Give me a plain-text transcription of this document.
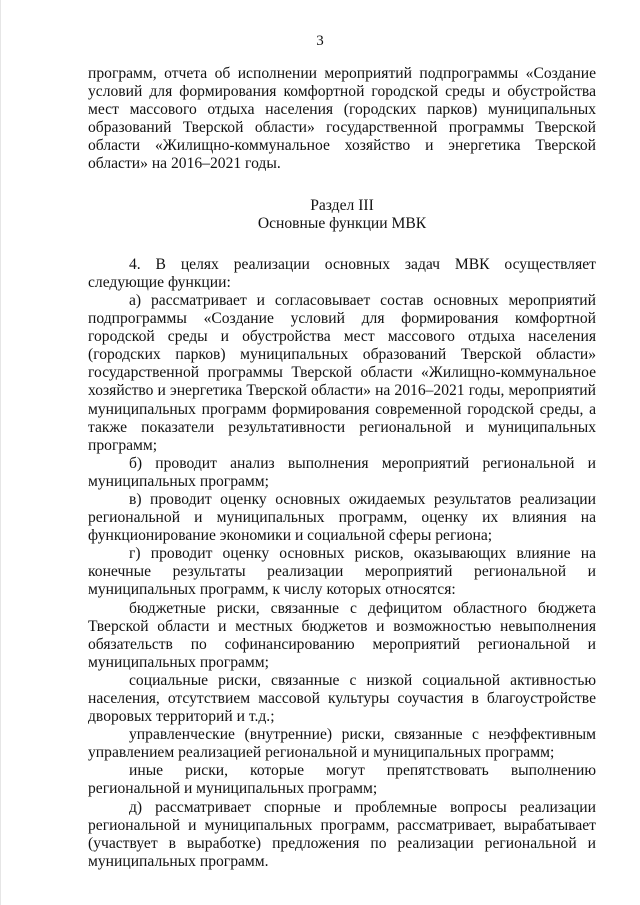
3

программ, отчета об исполнении мероприятий подпрограммы «Создание условий для формирования комфортной городской среды и обустройства мест массового отдыха населения (городских парков) муниципальных образований Тверской области» государственной программы Тверской области «Жилищно-коммунальное хозяйство и энергетика Тверской области» на 2016–2021 годы.

Раздел III
Основные функции МВК

4. В целях реализации основных задач МВК осуществляет следующие функции:

а) рассматривает и согласовывает состав основных мероприятий подпрограммы «Создание условий для формирования комфортной городской среды и обустройства мест массового отдыха населения (городских парков) муниципальных образований Тверской области» государственной программы Тверской области «Жилищно-коммунальное хозяйство и энергетика Тверской области» на 2016–2021 годы, мероприятий муниципальных программ формирования современной городской среды, а также показатели результативности региональной и муниципальных программ;

б) проводит анализ выполнения мероприятий региональной и муниципальных программ;

в) проводит оценку основных ожидаемых результатов реализации региональной и муниципальных программ, оценку их влияния на функционирование экономики и социальной сферы региона;

г) проводит оценку основных рисков, оказывающих влияние на конечные результаты реализации мероприятий региональной и муниципальных программ, к числу которых относятся:

бюджетные риски, связанные с дефицитом областного бюджета Тверской области и местных бюджетов и возможностью невыполнения обязательств по софинансированию мероприятий региональной и муниципальных программ;

социальные риски, связанные с низкой социальной активностью населения, отсутствием массовой культуры соучастия в благоустройстве дворовых территорий и т.д.;

управленческие (внутренние) риски, связанные с неэффективным управлением реализацией региональной и муниципальных программ;

иные риски, которые могут препятствовать выполнению региональной и муниципальных программ;

д) рассматривает спорные и проблемные вопросы реализации региональной и муниципальных программ, рассматривает, вырабатывает (участвует в выработке) предложения по реализации региональной и муниципальных программ.
